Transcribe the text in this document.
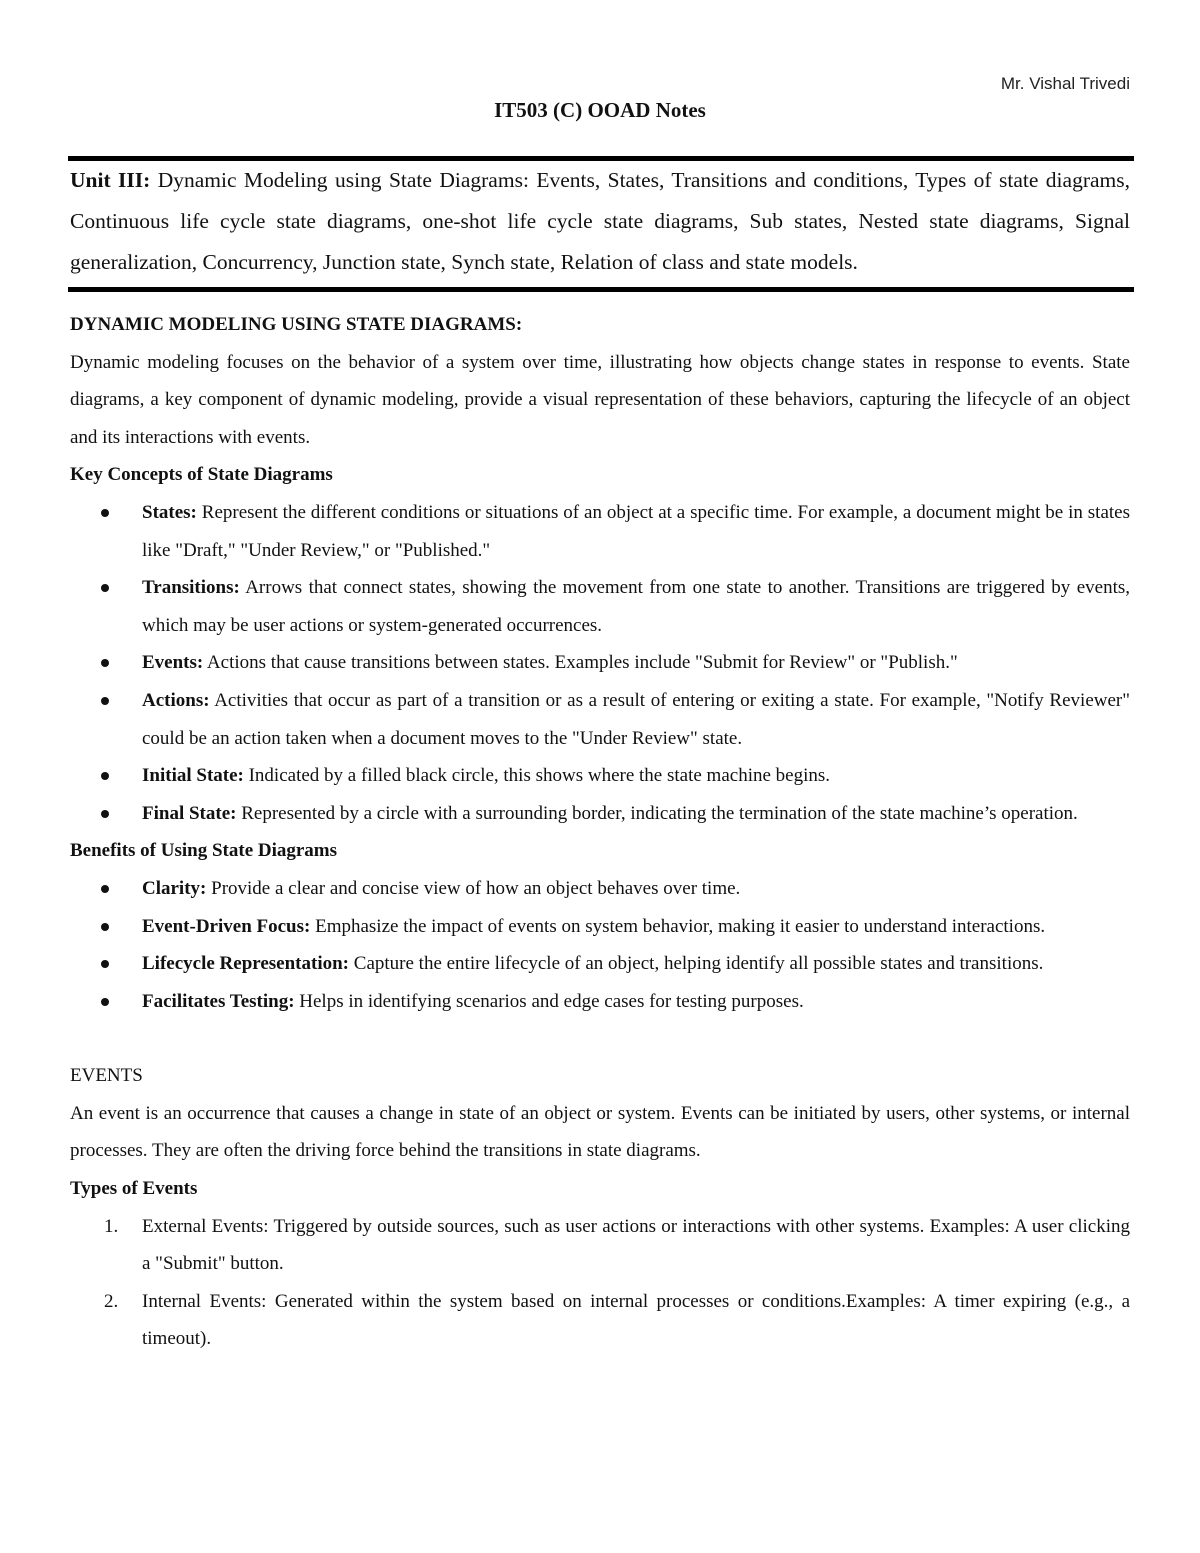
Mr. Vishal Trivedi
IT503 (C) OOAD Notes
Unit III: Dynamic Modeling using State Diagrams: Events, States, Transitions and conditions, Types of state diagrams, Continuous life cycle state diagrams, one-shot life cycle state diagrams, Sub states, Nested state diagrams, Signal generalization, Concurrency, Junction state, Synch state, Relation of class and state models.

DYNAMIC MODELING USING STATE DIAGRAMS:

Dynamic modeling focuses on the behavior of a system over time, illustrating how objects change states in response to events. State diagrams, a key component of dynamic modeling, provide a visual representation of these behaviors, capturing the lifecycle of an object and its interactions with events.

Key Concepts of State Diagrams

States: Represent the different conditions or situations of an object at a specific time. For example, a document might be in states like "Draft," "Under Review," or "Published."
Transitions: Arrows that connect states, showing the movement from one state to another. Transitions are triggered by events, which may be user actions or system-generated occurrences.
Events: Actions that cause transitions between states. Examples include "Submit for Review" or "Publish."
Actions: Activities that occur as part of a transition or as a result of entering or exiting a state. For example, "Notify Reviewer" could be an action taken when a document moves to the "Under Review" state.
Initial State: Indicated by a filled black circle, this shows where the state machine begins.
Final State: Represented by a circle with a surrounding border, indicating the termination of the state machine’s operation.

Benefits of Using State Diagrams

Clarity: Provide a clear and concise view of how an object behaves over time.
Event-Driven Focus: Emphasize the impact of events on system behavior, making it easier to understand interactions.
Lifecycle Representation: Capture the entire lifecycle of an object, helping identify all possible states and transitions.
Facilitates Testing: Helps in identifying scenarios and edge cases for testing purposes.

EVENTS

An event is an occurrence that causes a change in state of an object or system. Events can be initiated by users, other systems, or internal processes. They are often the driving force behind the transitions in state diagrams.

Types of Events

1. External Events: Triggered by outside sources, such as user actions or interactions with other systems. Examples: A user clicking a "Submit" button.
2. Internal Events: Generated within the system based on internal processes or conditions.Examples: A timer expiring (e.g., a timeout).
